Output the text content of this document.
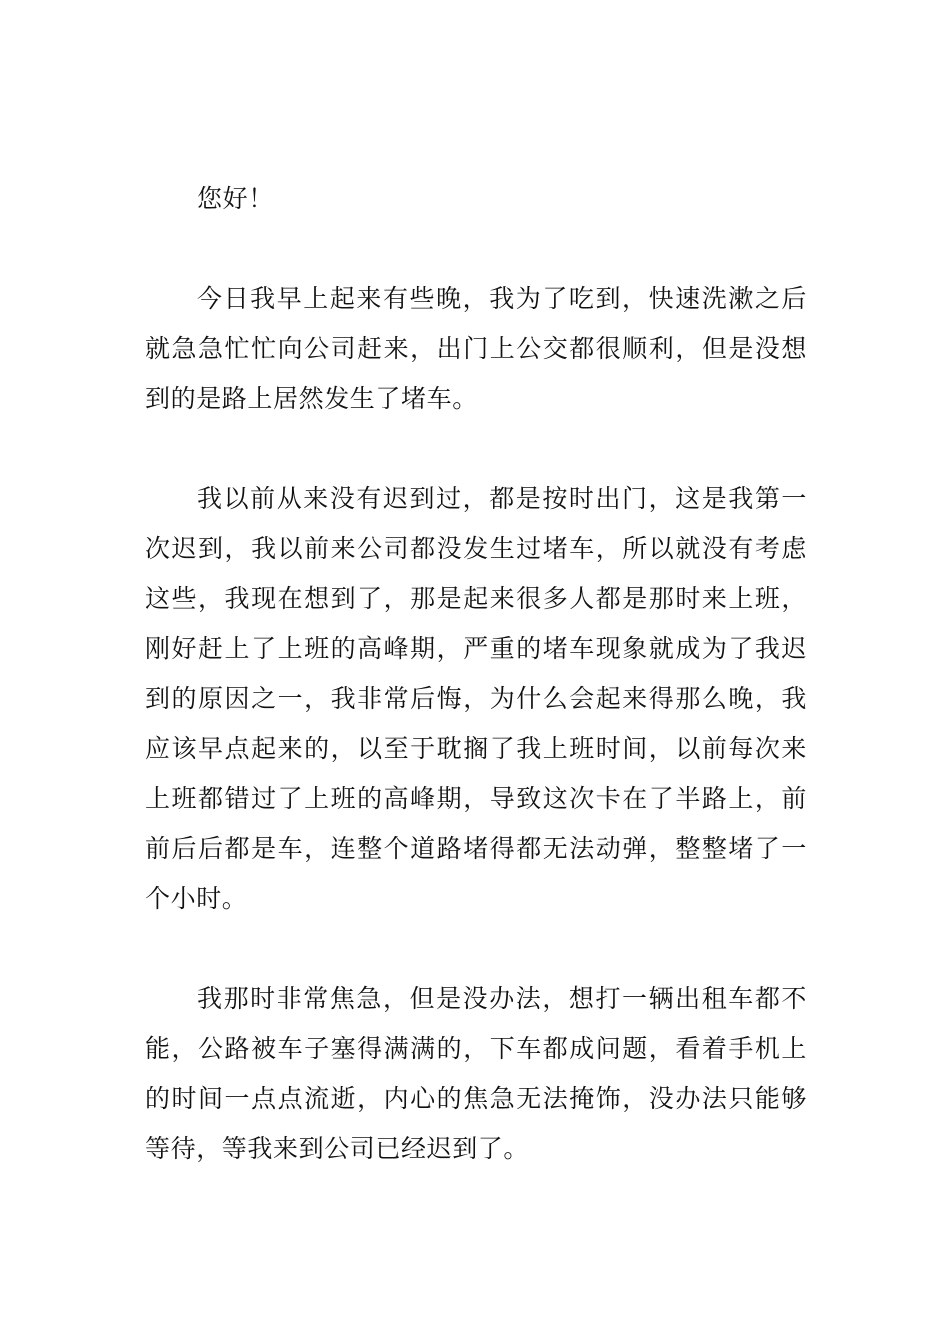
您好！

今日我早上起来有些晚，我为了吃到，快速洗漱之后就急急忙忙向公司赶来，出门上公交都很顺利，但是没想到的是路上居然发生了堵车。

我以前从来没有迟到过，都是按时出门，这是我第一次迟到，我以前来公司都没发生过堵车，所以就没有考虑这些，我现在想到了，那是起来很多人都是那时来上班，刚好赶上了上班的高峰期，严重的堵车现象就成为了我迟到的原因之一，我非常后悔，为什么会起来得那么晚，我应该早点起来的，以至于耽搁了我上班时间，以前每次来上班都错过了上班的高峰期，导致这次卡在了半路上，前前后后都是车，连整个道路堵得都无法动弹，整整堵了一个小时。

我那时非常焦急，但是没办法，想打一辆出租车都不能，公路被车子塞得满满的，下车都成问题，看着手机上的时间一点点流逝，内心的焦急无法掩饰，没办法只能够等待，等我来到公司已经迟到了。
